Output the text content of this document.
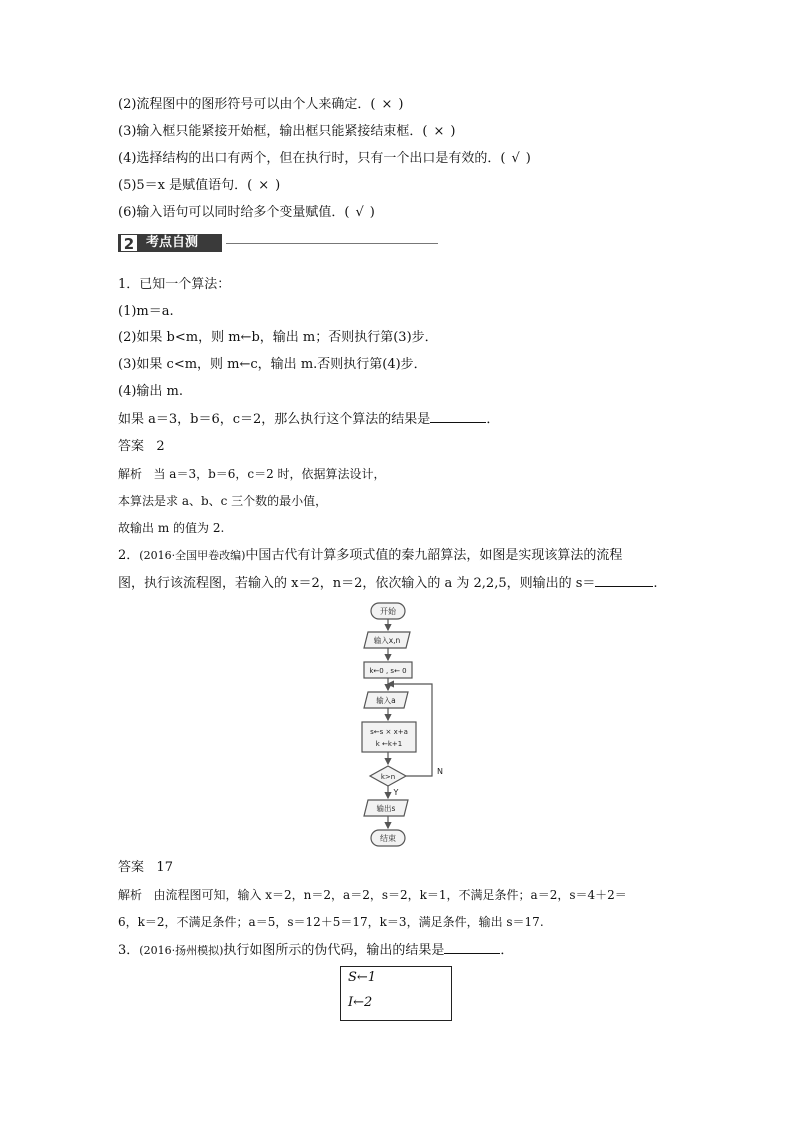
(2)流程图中的图形符号可以由个人来确定．( × )
(3)输入框只能紧接开始框，输出框只能紧接结束框．( × )
(4)选择结构的出口有两个，但在执行时，只有一个出口是有效的．( √ )
(5)5＝x 是赋值语句．( × )
(6)输入语句可以同时给多个变量赋值．( √ )
2 考点自测
1．已知一个算法：
(1)m＝a.
(2)如果 b<m，则 m←b，输出 m；否则执行第(3)步．
(3)如果 c<m，则 m←c，输出 m.否则执行第(4)步．
(4)输出 m.
如果 a＝3，b＝6，c＝2，那么执行这个算法的结果是	．
答案 2
解析 当 a＝3，b＝6，c＝2 时，依据算法设计，
本算法是求 a、b、c 三个数的最小值，
故输出 m 的值为 2.
2．(2016·全国甲卷改编)中国古代有计算多项式值的秦九韶算法，如图是实现该算法的流程
图，执行该流程图，若输入的 x＝2，n＝2，依次输入的 a 为 2,2,5，则输出的 s＝	.
开始
输入x,n
k←0 , s← 0
输入a
s←s × x+a
k ←k+1
k>n
Y
N
输出s
结束
答案 17
解析 由流程图可知，输入 x＝2，n＝2，a＝2，s＝2，k＝1，不满足条件；a＝2，s＝4＋2＝
6，k＝2，不满足条件；a＝5，s＝12＋5＝17，k＝3，满足条件，输出 s＝17.
3．(2016·扬州模拟)执行如图所示的伪代码，输出的结果是	．
S←1
I←2
